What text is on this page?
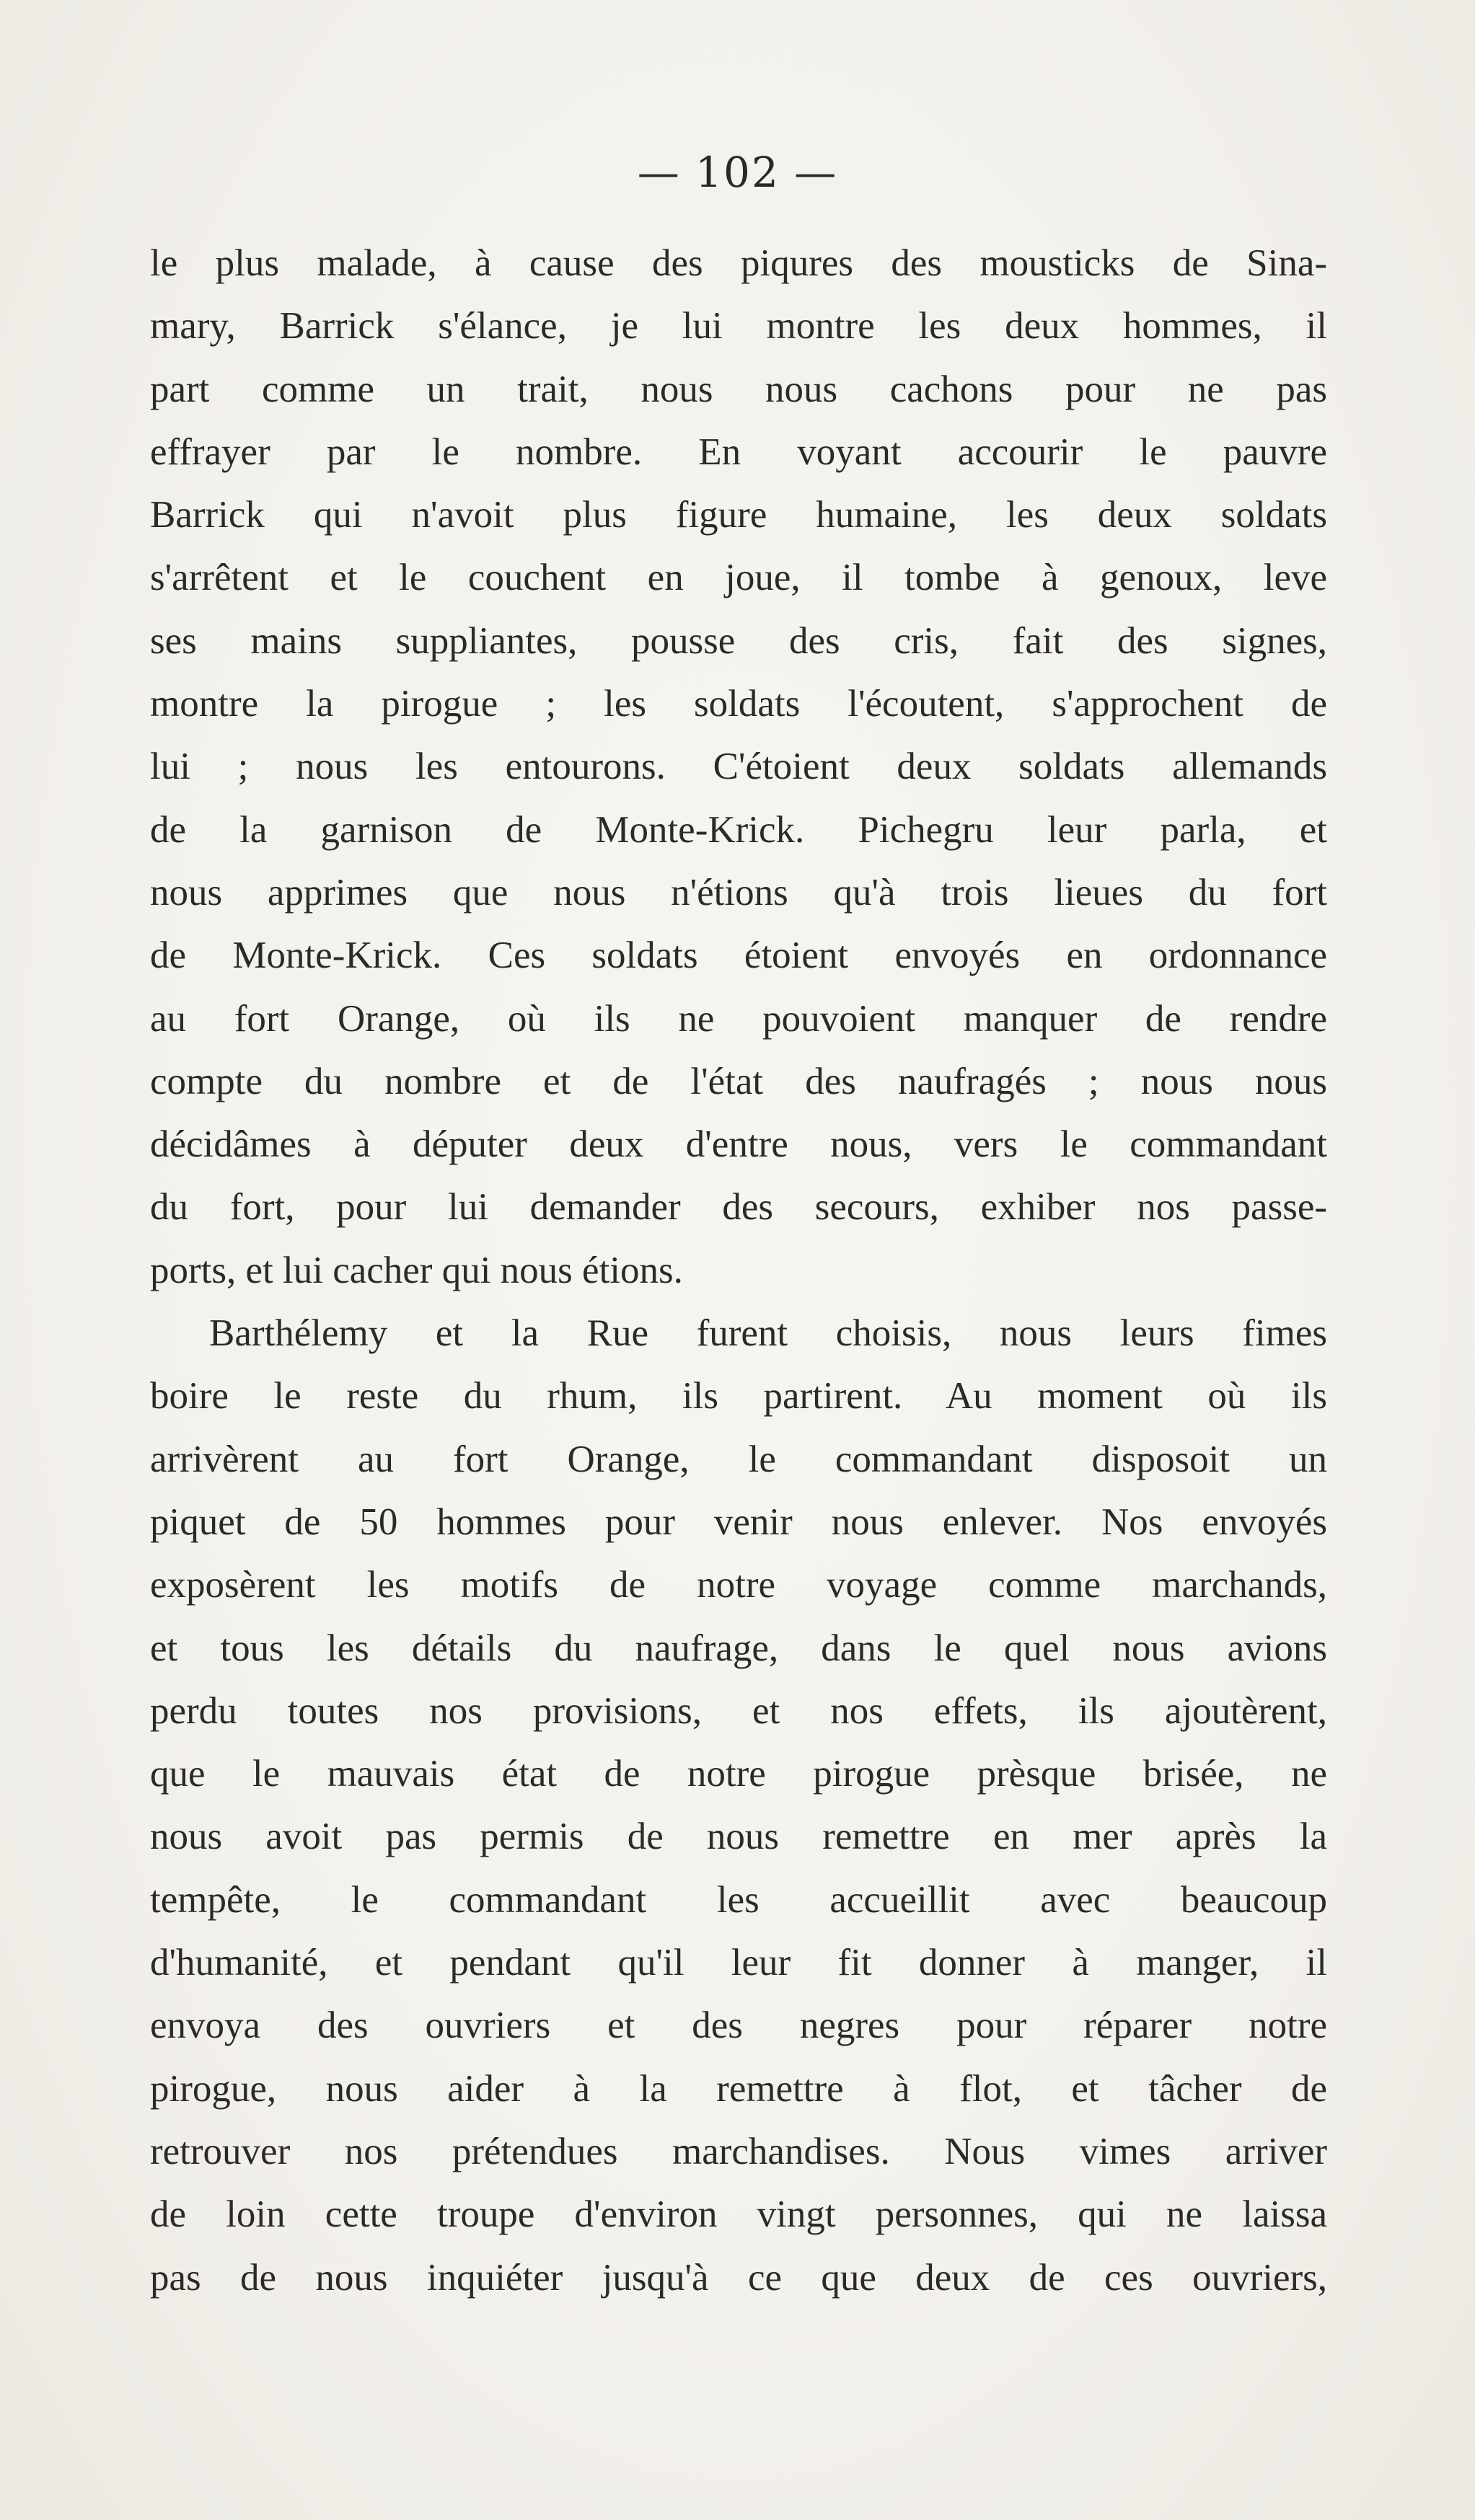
— 102 —
le plus malade, à cause des piqures des mousticks de Sina-
mary, Barrick s'élance, je lui montre les deux hommes, il
part comme un trait, nous nous cachons pour ne pas
effrayer par le nombre. En voyant accourir le pauvre
Barrick qui n'avoit plus figure humaine, les deux soldats
s'arrêtent et le couchent en joue, il tombe à genoux, leve
ses mains suppliantes, pousse des cris, fait des signes,
montre la pirogue ; les soldats l'écoutent, s'approchent de
lui ; nous les entourons. C'étoient deux soldats allemands
de la garnison de Monte-Krick. Pichegru leur parla, et
nous apprimes que nous n'étions qu'à trois lieues du fort
de Monte-Krick. Ces soldats étoient envoyés en ordonnance
au fort Orange, où ils ne pouvoient manquer de rendre
compte du nombre et de l'état des naufragés ; nous nous
décidâmes à députer deux d'entre nous, vers le commandant
du fort, pour lui demander des secours, exhiber nos passe-
ports, et lui cacher qui nous étions.
Barthélemy et la Rue furent choisis, nous leurs fimes
boire le reste du rhum, ils partirent. Au moment où ils
arrivèrent au fort Orange, le commandant disposoit un
piquet de 50 hommes pour venir nous enlever. Nos envoyés
exposèrent les motifs de notre voyage comme marchands,
et tous les détails du naufrage, dans le quel nous avions
perdu toutes nos provisions, et nos effets, ils ajoutèrent,
que le mauvais état de notre pirogue prèsque brisée, ne
nous avoit pas permis de nous remettre en mer après la
tempête, le commandant les accueillit avec beaucoup
d'humanité, et pendant qu'il leur fit donner à manger, il
envoya des ouvriers et des negres pour réparer notre
pirogue, nous aider à la remettre à flot, et tâcher de
retrouver nos prétendues marchandises. Nous vimes arriver
de loin cette troupe d'environ vingt personnes, qui ne laissa
pas de nous inquiéter jusqu'à ce que deux de ces ouvriers,
